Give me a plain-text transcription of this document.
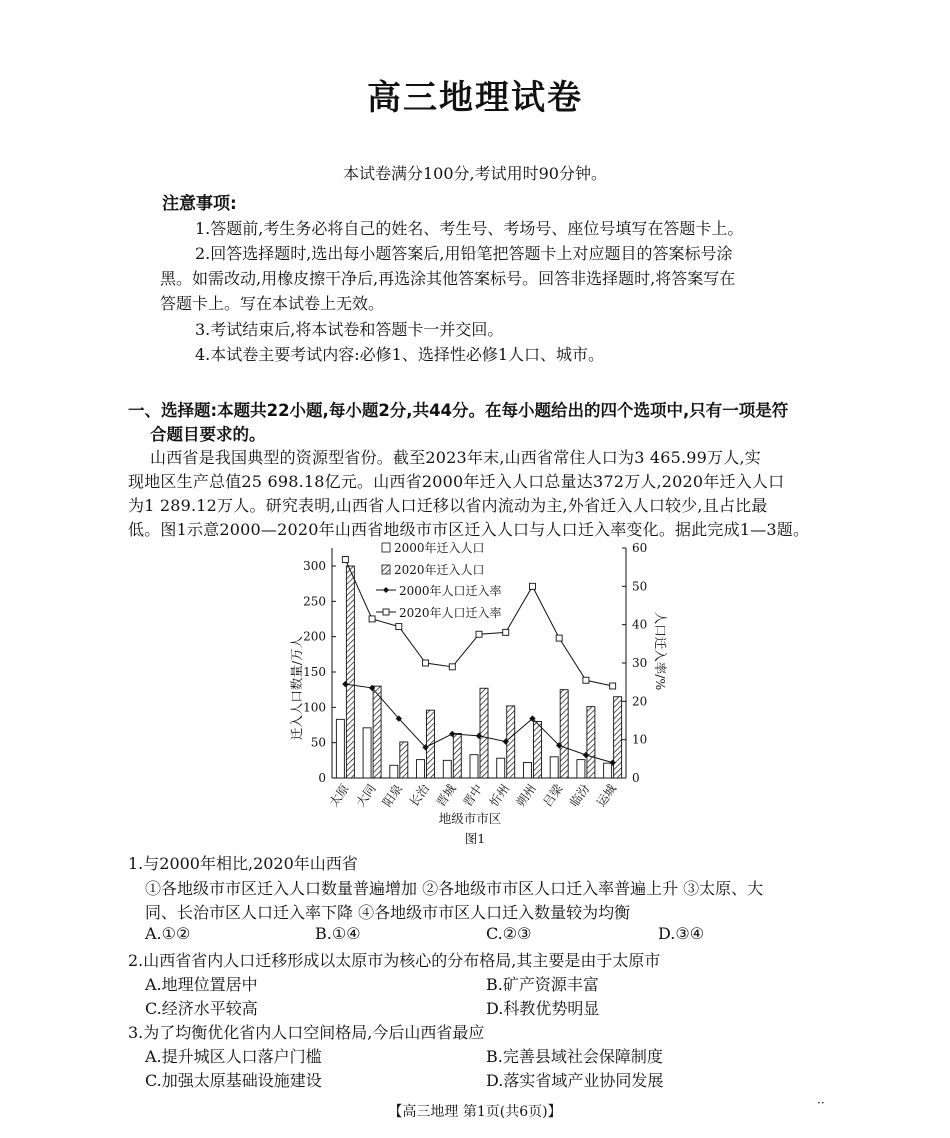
高三地理试卷
本试卷满分100分,考试用时90分钟。
注意事项:
1.答题前,考生务必将自己的姓名、考生号、考场号、座位号填写在答题卡上。
2.回答选择题时,选出每小题答案后,用铅笔把答题卡上对应题目的答案标号涂
黑。如需改动,用橡皮擦干净后,再选涂其他答案标号。回答非选择题时,将答案写在
答题卡上。写在本试卷上无效。
3.考试结束后,将本试卷和答题卡一并交回。
4.本试卷主要考试内容:必修1、选择性必修1人口、城市。
一、选择题:本题共22小题,每小题2分,共44分。在每小题给出的四个选项中,只有一项是符
合题目要求的。
山西省是我国典型的资源型省份。截至2023年末,山西省常住人口为3 465.99万人,实
现地区生产总值25 698.18亿元。山西省2000年迁入人口总量达372万人,2020年迁入人口
为1 289.12万人。研究表明,山西省人口迁移以省内流动为主,外省迁入人口较少,且占比最
低。图1示意2000—2020年山西省地级市市区迁入人口与人口迁入率变化。据此完成1—3题。
0
50
100
150
200
250
300
0
10
20
30
40
50
60
太原 大同 阳泉 长治 晋城 晋中 忻州 朔州 吕梁 临汾 运城
2000年迁入人口
2020年迁入人口
2000年人口迁入率
2020年人口迁入率
迁入人口数量/万人	人口迁入率/%
地级市市区
图1
1.与2000年相比,2020年山西省
①各地级市市区迁入人口数量普遍增加 ②各地级市市区人口迁入率普遍上升 ③太原、大
同、长治市区人口迁入率下降 ④各地级市市区人口迁入数量较为均衡
A.①②	B.①④	C.②③	D.③④
2.山西省省内人口迁移形成以太原市为核心的分布格局,其主要是由于太原市
A.地理位置居中	B.矿产资源丰富
C.经济水平较高	D.科教优势明显
3.为了均衡优化省内人口空间格局,今后山西省最应
A.提升城区人口落户门槛	B.完善县域社会保障制度
C.加强太原基础设施建设	D.落实省域产业协同发展
【高三地理 第1页(共6页)】
··
